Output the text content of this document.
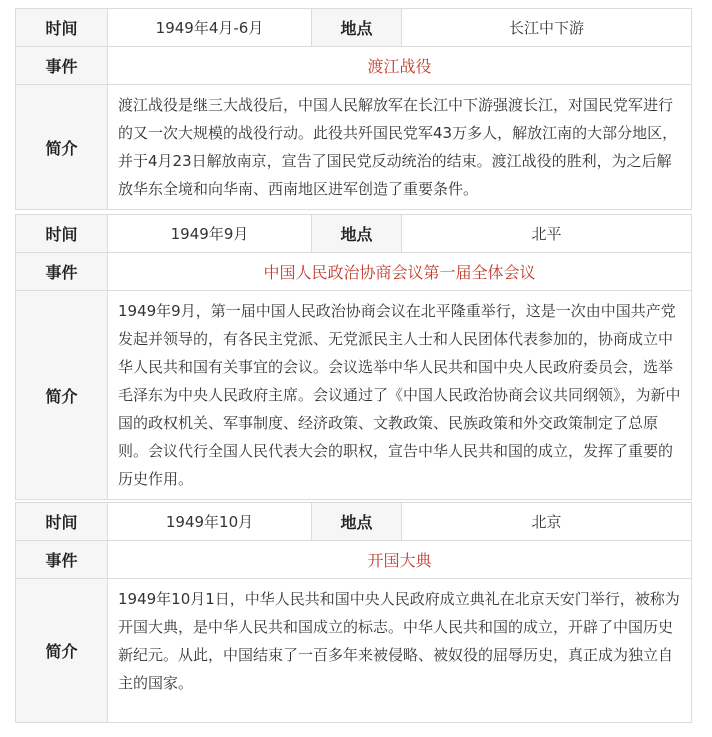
时间	1949年4月-6月	地点	长江中下游
事件	渡江战役		
简介	渡江战役是继三大战役后，中国人民解放军在长江中下游强渡长江，对国民党军进行的又一次大规模的战役行动。此役共歼国民党军43万多人，解放江南的大部分地区，并于4月23日解放南京，宣告了国民党反动统治的结束。渡江战役的胜利，为之后解放华东全境和向华南、西南地区进军创造了重要条件。		
时间	1949年9月	地点	北平
事件	中国人民政治协商会议第一届全体会议		
简介	1949年9月，第一届中国人民政治协商会议在北平隆重举行，这是一次由中国共产党发起并领导的，有各民主党派、无党派民主人士和人民团体代表参加的，协商成立中华人民共和国有关事宜的会议。会议选举中华人民共和国中央人民政府委员会，选举毛泽东为中央人民政府主席。会议通过了《中国人民政治协商会议共同纲领》，为新中国的政权机关、军事制度、经济政策、文教政策、民族政策和外交政策制定了总原则。会议代行全国人民代表大会的职权，宣告中华人民共和国的成立，发挥了重要的历史作用。		
时间	1949年10月	地点	北京
事件	开国大典		
简介	1949年10月1日，中华人民共和国中央人民政府成立典礼在北京天安门举行，被称为开国大典，是中华人民共和国成立的标志。中华人民共和国的成立，开辟了中国历史新纪元。从此，中国结束了一百多年来被侵略、被奴役的屈辱历史，真正成为独立自主的国家。		
